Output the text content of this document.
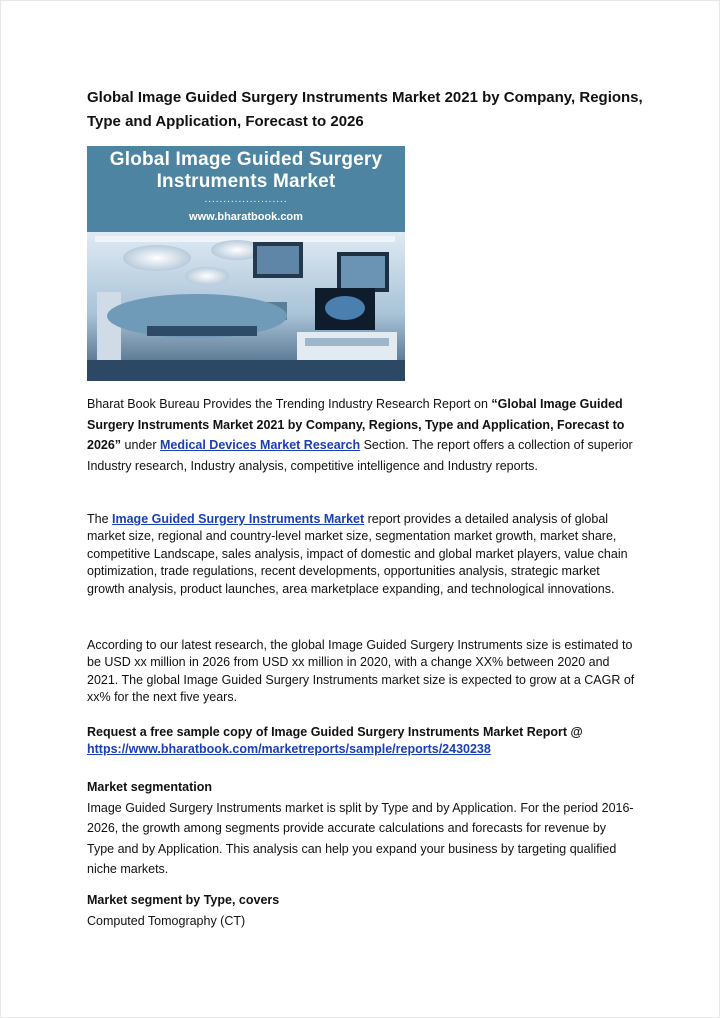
Global Image Guided Surgery Instruments Market 2021 by Company, Regions, Type and Application, Forecast to 2026
Global Image Guided Surgery
Instruments Market
......................
www.bharatbook.com
Bharat Book Bureau Provides the Trending Industry Research Report on “Global Image Guided Surgery Instruments Market 2021 by Company, Regions, Type and Application, Forecast to 2026” under Medical Devices Market Research Section. The report offers a collection of superior Industry research, Industry analysis, competitive intelligence and Industry reports.
The Image Guided Surgery Instruments Market report provides a detailed analysis of global market size, regional and country-level market size, segmentation market growth, market share, competitive Landscape, sales analysis, impact of domestic and global market players, value chain optimization, trade regulations, recent developments, opportunities analysis, strategic market growth analysis, product launches, area marketplace expanding, and technological innovations.
According to our latest research, the global Image Guided Surgery Instruments size is estimated to be USD xx million in 2026 from USD xx million in 2020, with a change XX% between 2020 and 2021. The global Image Guided Surgery Instruments market size is expected to grow at a CAGR of xx% for the next five years.
Request a free sample copy of Image Guided Surgery Instruments Market Report @
https://www.bharatbook.com/marketreports/sample/reports/2430238
Market segmentation
Image Guided Surgery Instruments market is split by Type and by Application. For the period 2016-2026, the growth among segments provide accurate calculations and forecasts for revenue by Type and by Application. This analysis can help you expand your business by targeting qualified niche markets.
Market segment by Type, covers
Computed Tomography (CT)
